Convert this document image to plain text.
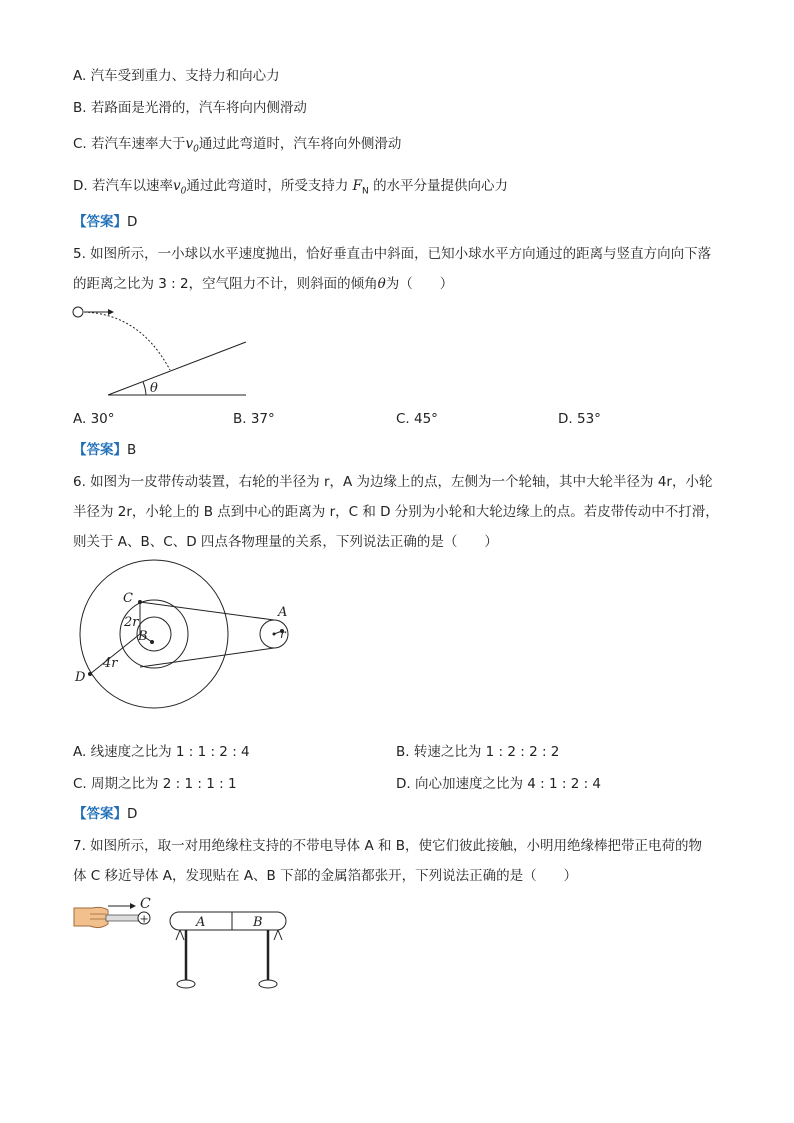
A. 汽车受到重力、支持力和向心力
B. 若路面是光滑的，汽车将向内侧滑动
C. 若汽车速率大于$v_0$通过此弯道时，汽车将向外侧滑动
D. 若汽车以速率$v_0$通过此弯道时，所受支持力 $F_N$ 的水平分量提供向心力
【答案】D
5. 如图所示，一小球以水平速度抛出，恰好垂直击中斜面，已知小球水平方向通过的距离与竖直方向向下落
的距离之比为 3 : 2，空气阻力不计，则斜面的倾角θ为（　　）
θ
A. 30°	B. 37°	C. 45°	D. 53°
【答案】B
6. 如图为一皮带传动装置，右轮的半径为 r，A 为边缘上的点，左侧为一个轮轴，其中大轮半径为 4r，小轮
半径为 2r，小轮上的 B 点到中心的距离为 r，C 和 D 分别为小轮和大轮边缘上的点。若皮带传动中不打滑，
则关于 A、B、C、D 四点各物理量的关系，下列说法正确的是（　　）
C
2r
B
4r
D
A
r
A. 线速度之比为 1 : 1 : 2 : 4	B. 转速之比为 1 : 2 : 2 : 2
C. 周期之比为 2 : 1 : 1 : 1	D. 向心加速度之比为 4 : 1 : 2 : 4
【答案】D
7. 如图所示，取一对用绝缘柱支持的不带电导体 A 和 B，使它们彼此接触，小明用绝缘棒把带正电荷的物
体 C 移近导体 A，发现贴在 A、B 下部的金属箔都张开，下列说法正确的是（　　）
+
C
A	B
